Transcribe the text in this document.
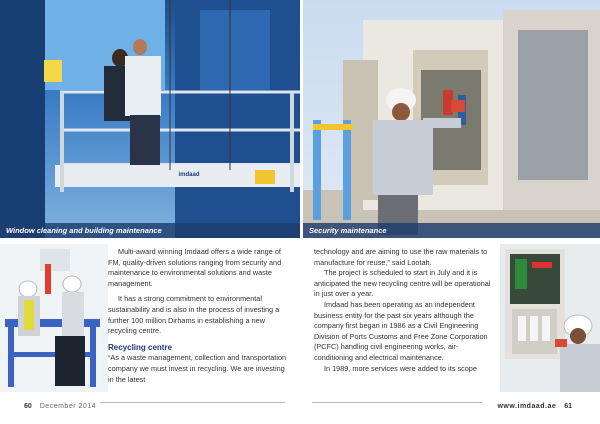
imdaad
Window cleaning and building maintenance	Security maintenance

Multi-award winning Imdaad offers a wide range of FM, quality-driven solutions ranging from security and maintenance to environmental solutions and waste management.

It has a strong commitment to environmental sustainability and is also in the process of investing a further 100 million Dirhams in establishing a new recycling centre.

Recycling centre

“As a waste management, collection and transportation company we must invest in recycling. We are investing in the latest

technology and are aiming to use the raw materials to manufacture for reuse,” said Lootah.

The project is scheduled to start in July and it is anticipated the new recycling centre will be operational in just over a year.

Imdaad has been operating as an independent business entity for the past six years although the company first began in 1986 as a Civil Engineering Division of Ports Customs and Free Zone Corporation (PCFC) handling civil engineering works, air-conditioning and electrical maintenance.

In 1989, more services were added to its scope

60 December 2014	www.imdaad.ae 61
